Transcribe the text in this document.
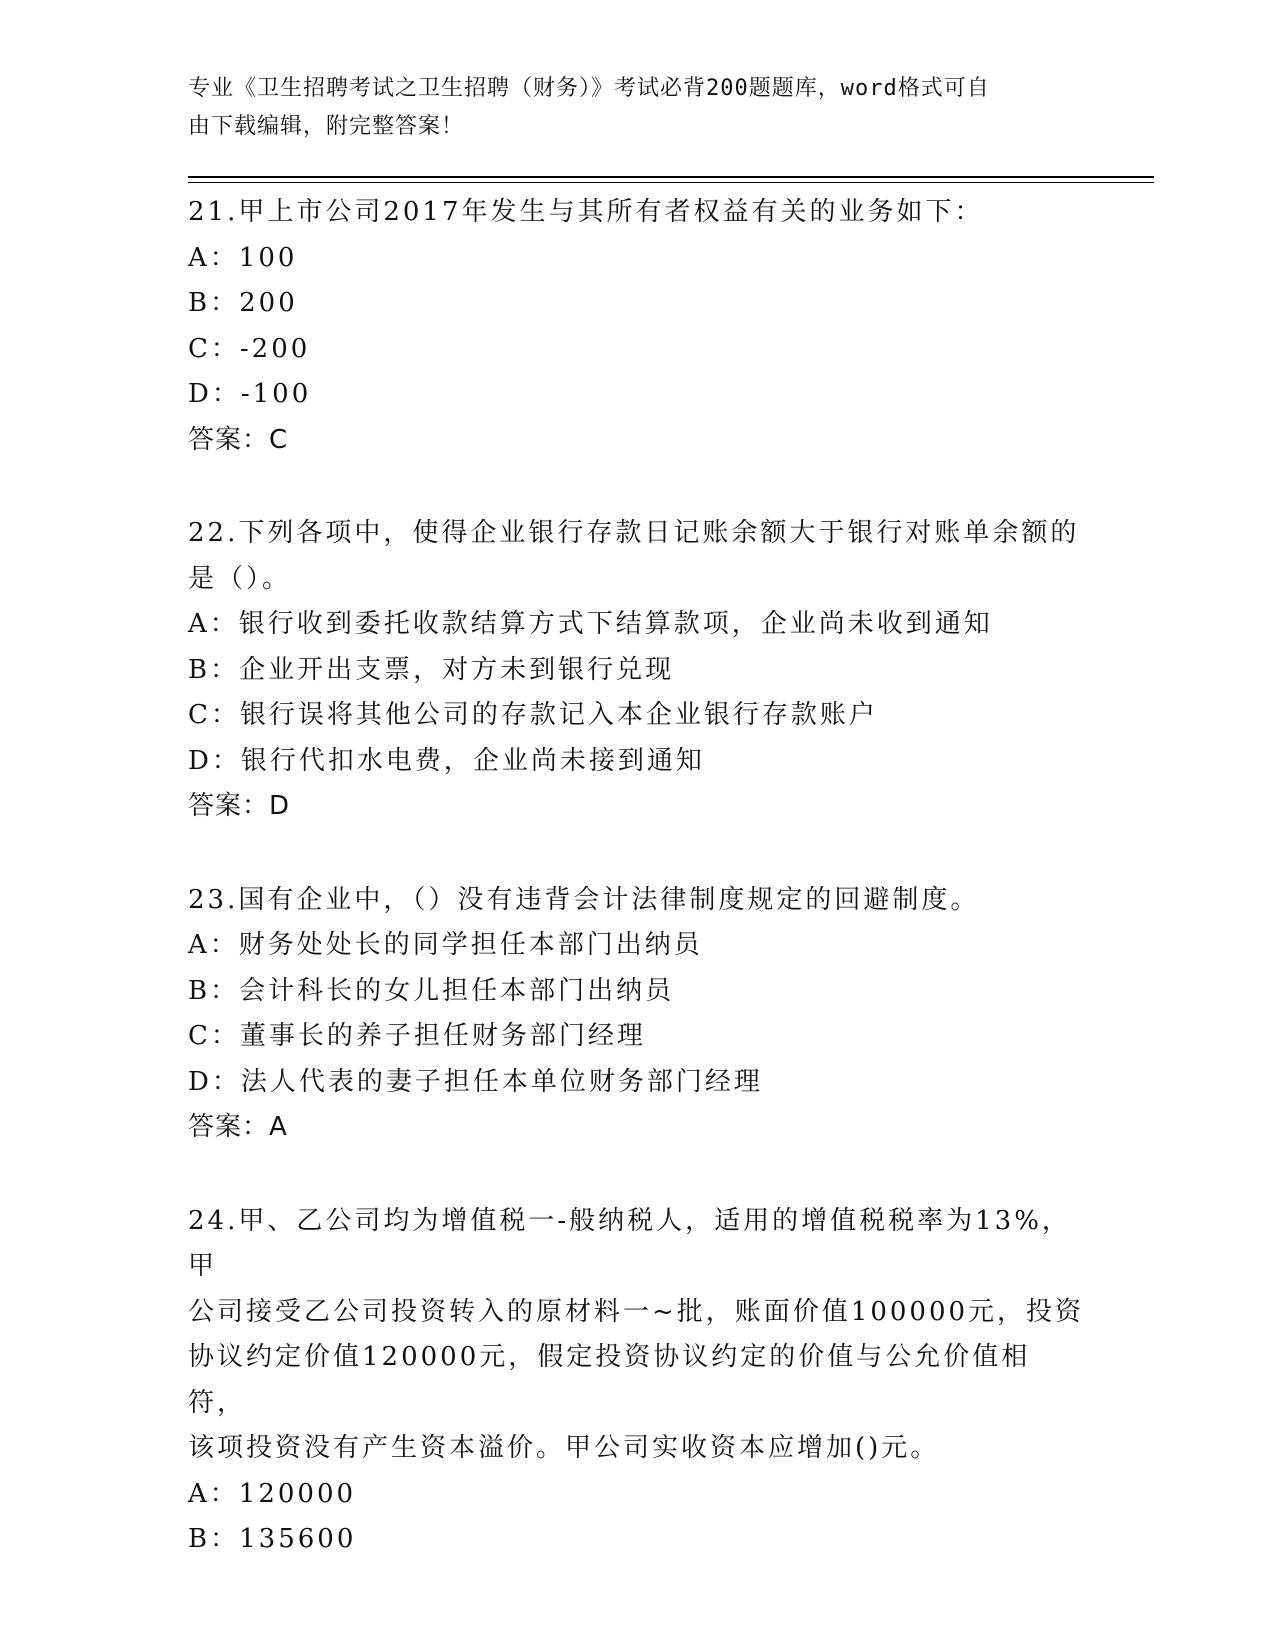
专业《卫生招聘考试之卫生招聘（财务）》考试必背200题题库，word格式可自
由下载编辑，附完整答案！
21.甲上市公司2017年发生与其所有者权益有关的业务如下：
A：100
B：200
C：-200
D：-100
答案：C
22.下列各项中，使得企业银行存款日记账余额大于银行对账单余额的
是（）。
A：银行收到委托收款结算方式下结算款项，企业尚未收到通知
B：企业开出支票，对方未到银行兑现
C：银行误将其他公司的存款记入本企业银行存款账户
D：银行代扣水电费，企业尚未接到通知
答案：D
23.国有企业中，（）没有违背会计法律制度规定的回避制度。
A：财务处处长的同学担任本部门出纳员
B：会计科长的女儿担任本部门出纳员
C：董事长的养子担任财务部门经理
D：法人代表的妻子担任本单位财务部门经理
答案：A
24.甲、乙公司均为增值税一-般纳税人，适用的增值税税率为13%，甲
公司接受乙公司投资转入的原材料一~批，账面价值100000元，投资
协议约定价值120000元，假定投资协议约定的价值与公允价值相符，
该项投资没有产生资本溢价。甲公司实收资本应增加()元。
A：120000
B：135600
